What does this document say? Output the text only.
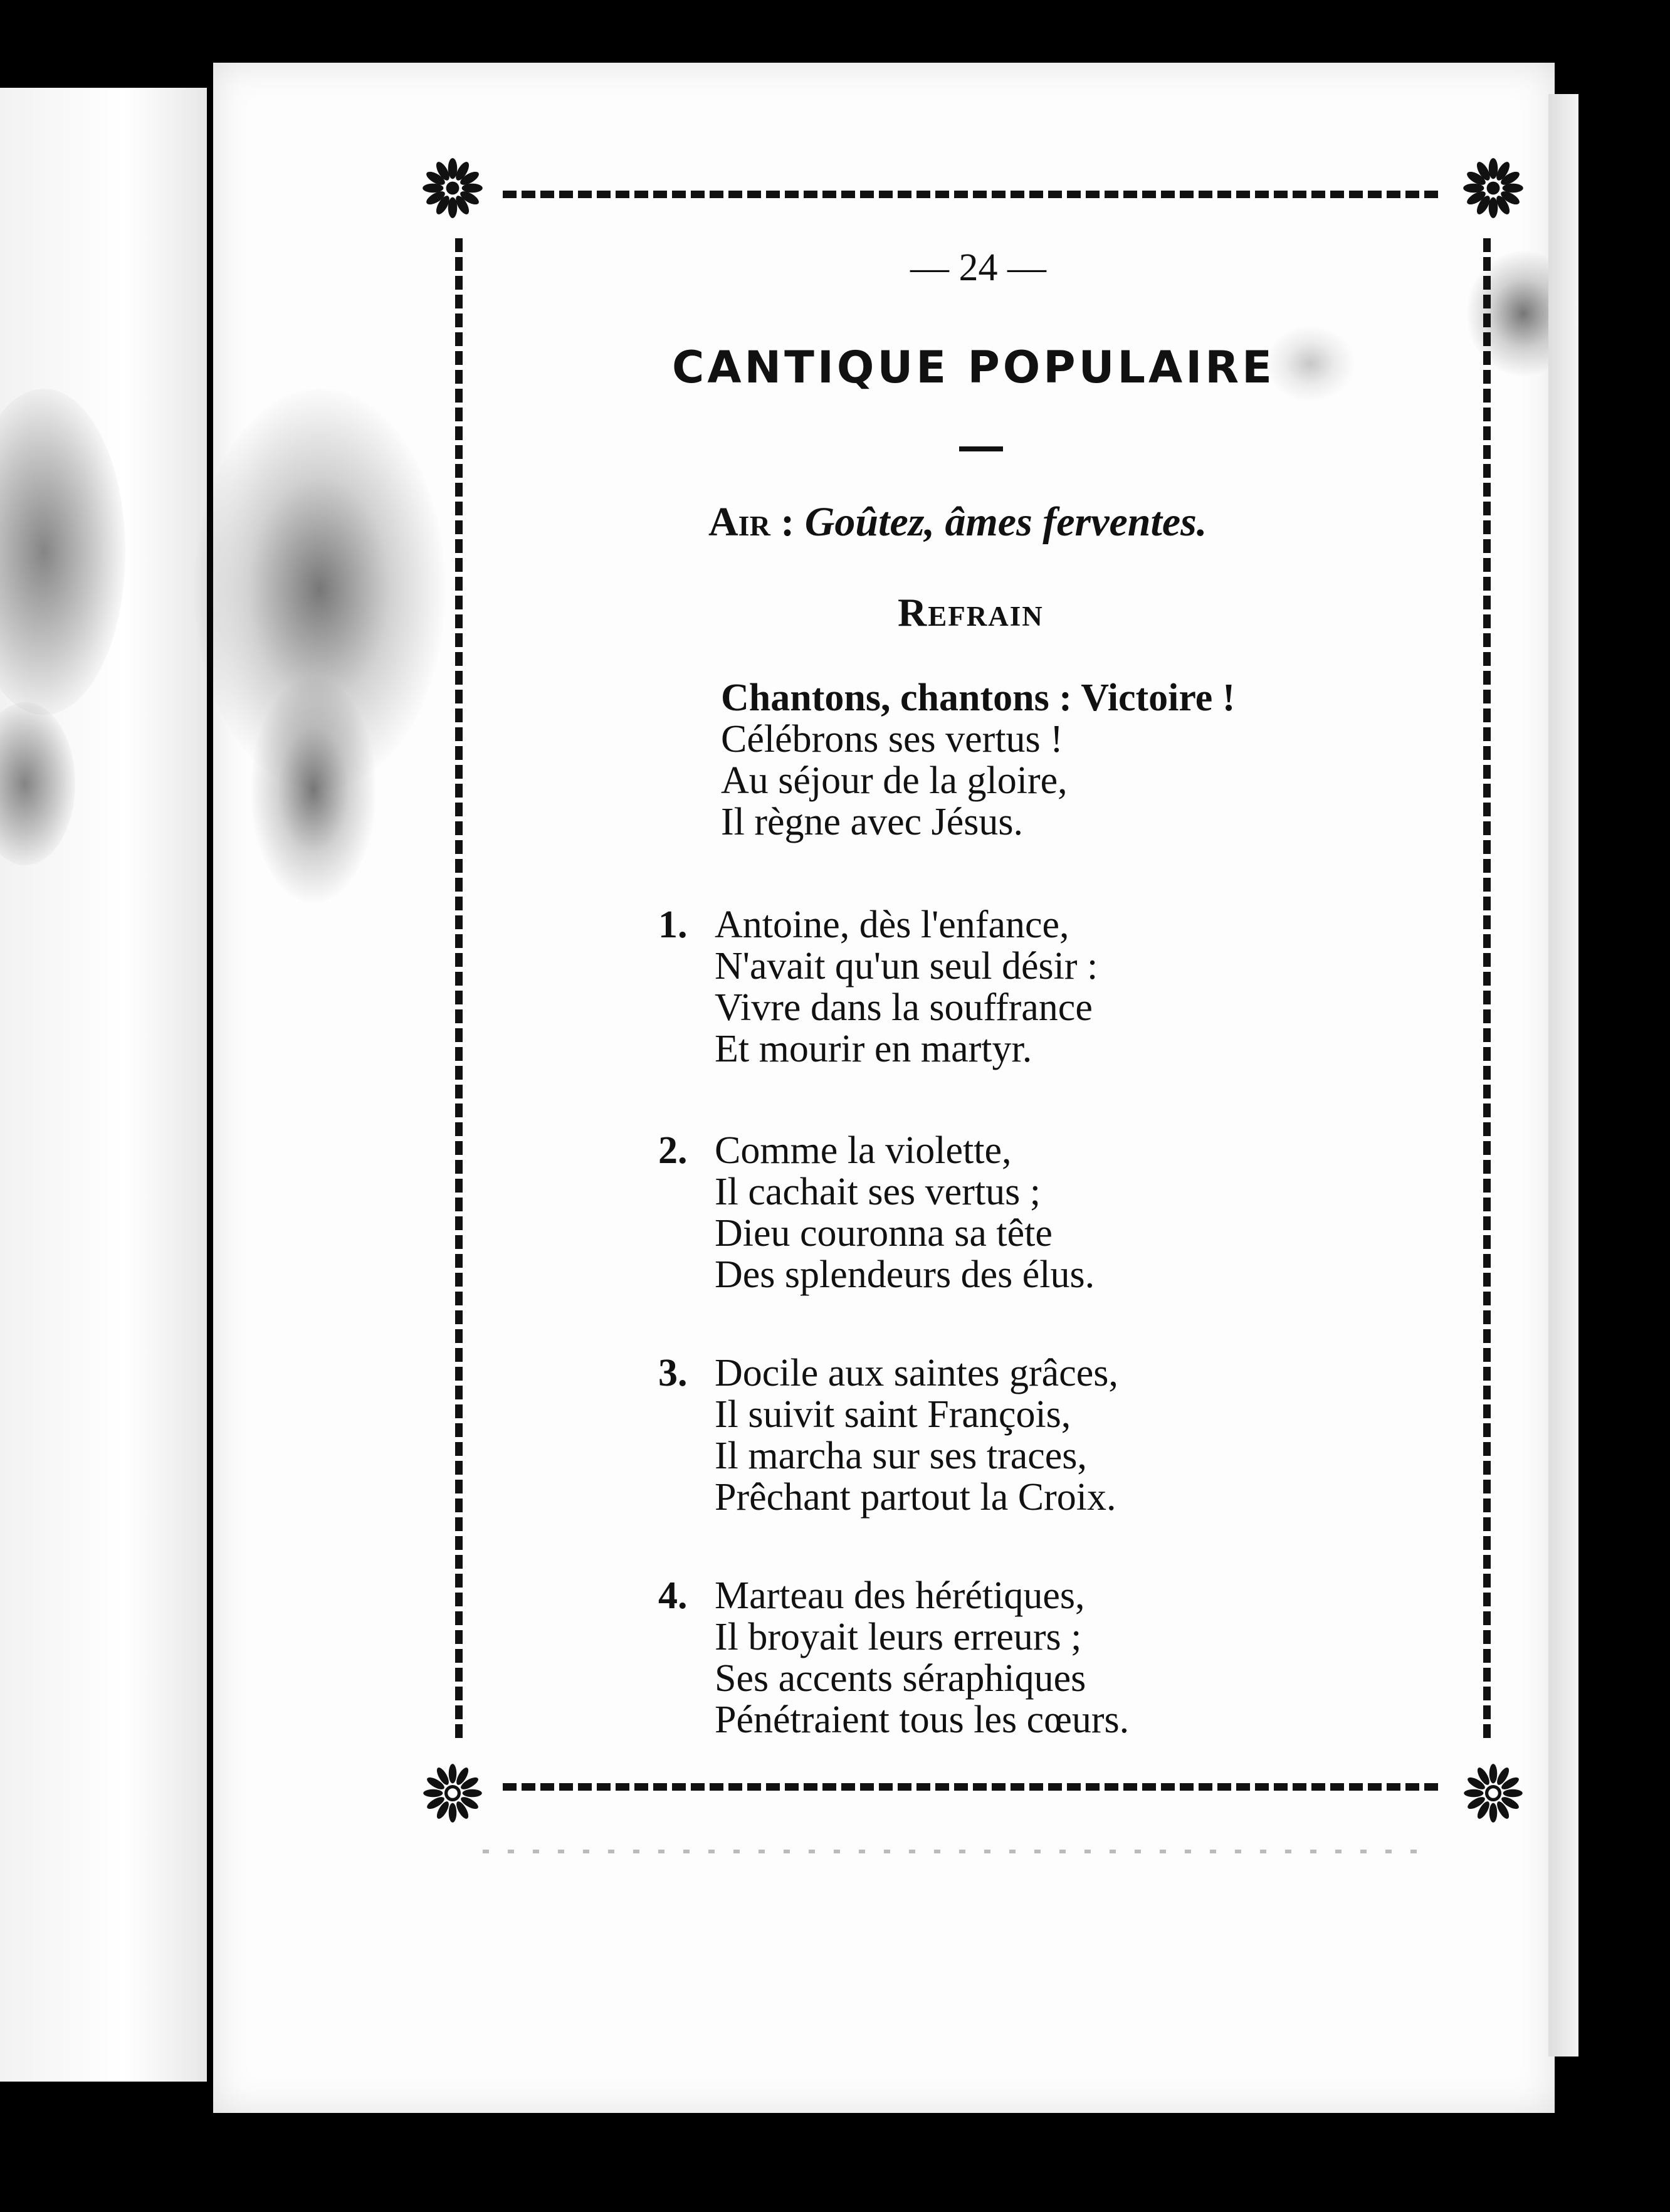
— 24 —
CANTIQUE POPULAIRE
Air : Goûtez, âmes ferventes.
Refrain
Chantons, chantons : Victoire !
Célébrons ses vertus !
Au séjour de la gloire,
Il règne avec Jésus.
1. Antoine, dès l'enfance,
N'avait qu'un seul désir :
Vivre dans la souffrance
Et mourir en martyr.
2. Comme la violette,
Il cachait ses vertus ;
Dieu couronna sa tête
Des splendeurs des élus.
3. Docile aux saintes grâces,
Il suivit saint François,
Il marcha sur ses traces,
Prêchant partout la Croix.
4. Marteau des hérétiques,
Il broyait leurs erreurs ;
Ses accents séraphiques
Pénétraient tous les cœurs.
